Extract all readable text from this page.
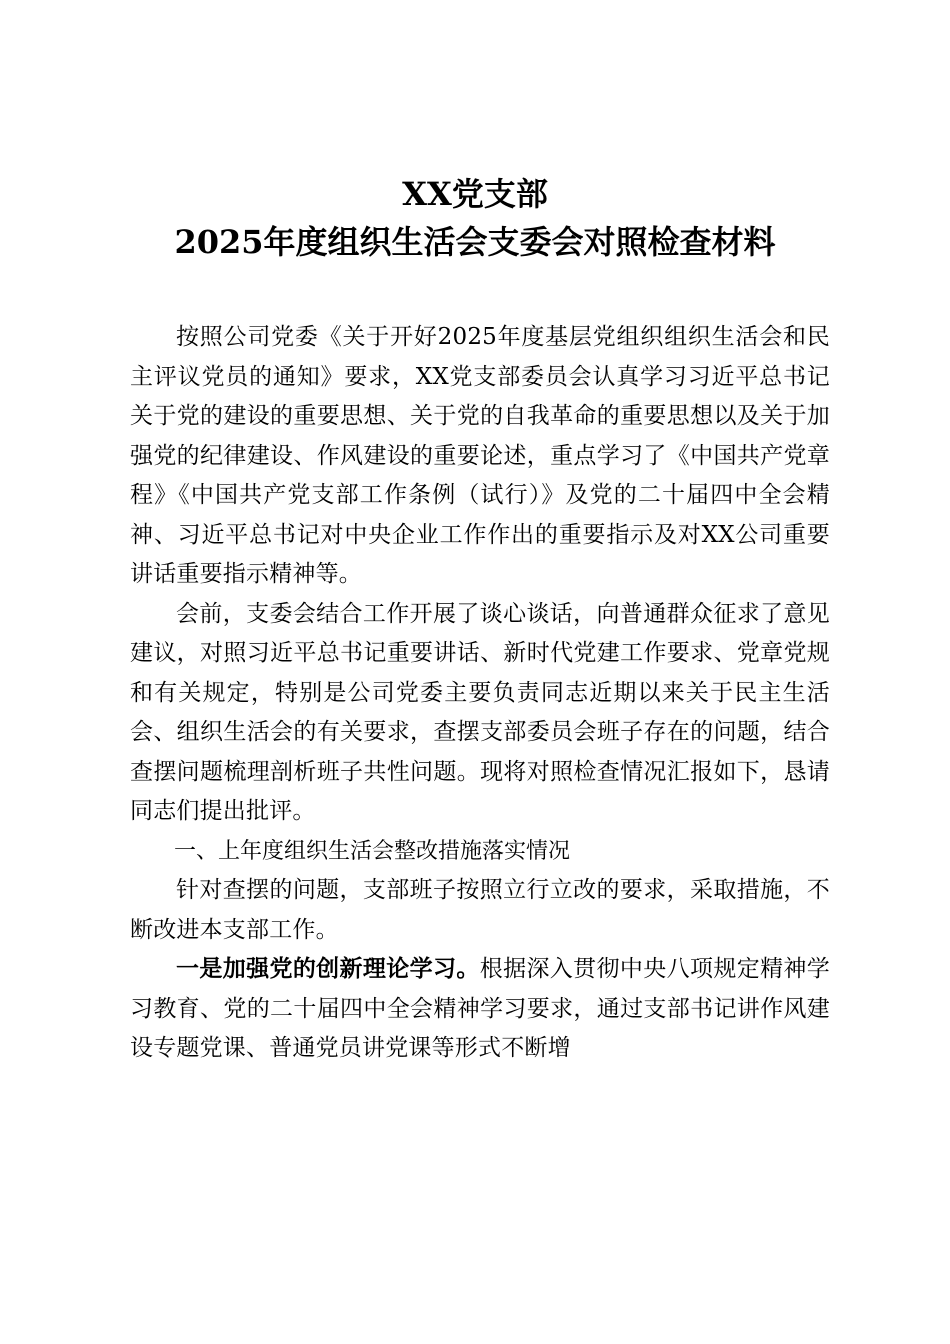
XX党支部
2025年度组织生活会支委会对照检查材料

按照公司党委《关于开好2025年度基层党组织组织生活会和民主评议党员的通知》要求，XX党支部委员会认真学习习近平总书记关于党的建设的重要思想、关于党的自我革命的重要思想以及关于加强党的纪律建设、作风建设的重要论述，重点学习了《中国共产党章程》《中国共产党支部工作条例（试行）》及党的二十届四中全会精神、习近平总书记对中央企业工作作出的重要指示及对XX公司重要讲话重要指示精神等。

会前，支委会结合工作开展了谈心谈话，向普通群众征求了意见建议，对照习近平总书记重要讲话、新时代党建工作要求、党章党规和有关规定，特别是公司党委主要负责同志近期以来关于民主生活会、组织生活会的有关要求，查摆支部委员会班子存在的问题，结合查摆问题梳理剖析班子共性问题。现将对照检查情况汇报如下，恳请同志们提出批评。

一、上年度组织生活会整改措施落实情况

针对查摆的问题，支部班子按照立行立改的要求，采取措施，不断改进本支部工作。

一是加强党的创新理论学习。根据深入贯彻中央八项规定精神学习教育、党的二十届四中全会精神学习要求，通过支部书记讲作风建设专题党课、普通党员讲党课等形式不断增
